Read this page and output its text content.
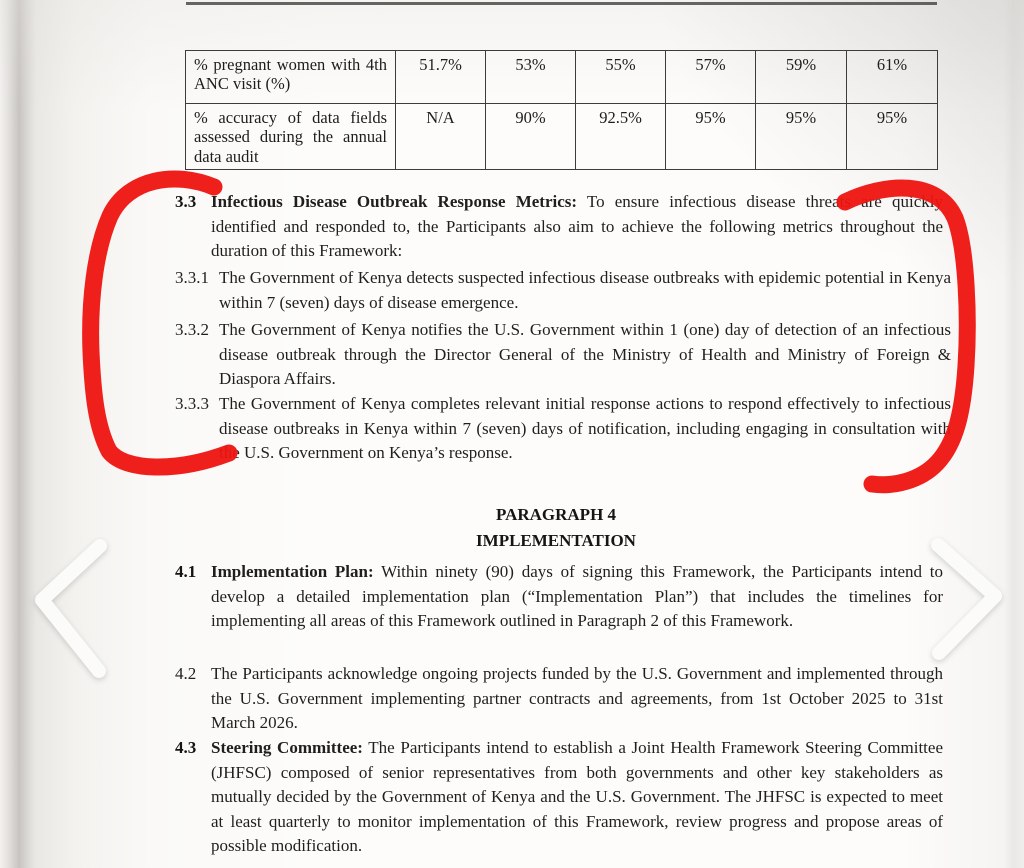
% pregnant women with 4th ANC visit (%)	51.7%	53%	55%	57%	59%	61%
% accuracy of data fields assessed during the annual data audit	N/A	90%	92.5%	95%	95%	95%

3.3 Infectious Disease Outbreak Response Metrics: To ensure infectious disease threats are quickly identified and responded to, the Participants also aim to achieve the following metrics throughout the duration of this Framework:

3.3.1 The Government of Kenya detects suspected infectious disease outbreaks with epidemic potential in Kenya within 7 (seven) days of disease emergence.

3.3.2 The Government of Kenya notifies the U.S. Government within 1 (one) day of detection of an infectious disease outbreak through the Director General of the Ministry of Health and Ministry of Foreign & Diaspora Affairs.

3.3.3 The Government of Kenya completes relevant initial response actions to respond effectively to infectious disease outbreaks in Kenya within 7 (seven) days of notification, including engaging in consultation with the U.S. Government on Kenya’s response.

PARAGRAPH 4
IMPLEMENTATION

4.1 Implementation Plan: Within ninety (90) days of signing this Framework, the Participants intend to develop a detailed implementation plan (“Implementation Plan”) that includes the timelines for implementing all areas of this Framework outlined in Paragraph 2 of this Framework.

4.2 The Participants acknowledge ongoing projects funded by the U.S. Government and implemented through the U.S. Government implementing partner contracts and agreements, from 1st October 2025 to 31st March 2026.

4.3 Steering Committee: The Participants intend to establish a Joint Health Framework Steering Committee (JHFSC) composed of senior representatives from both governments and other key stakeholders as mutually decided by the Government of Kenya and the U.S. Government. The JHFSC is expected to meet at least quarterly to monitor implementation of this Framework, review progress and propose areas of possible modification.
